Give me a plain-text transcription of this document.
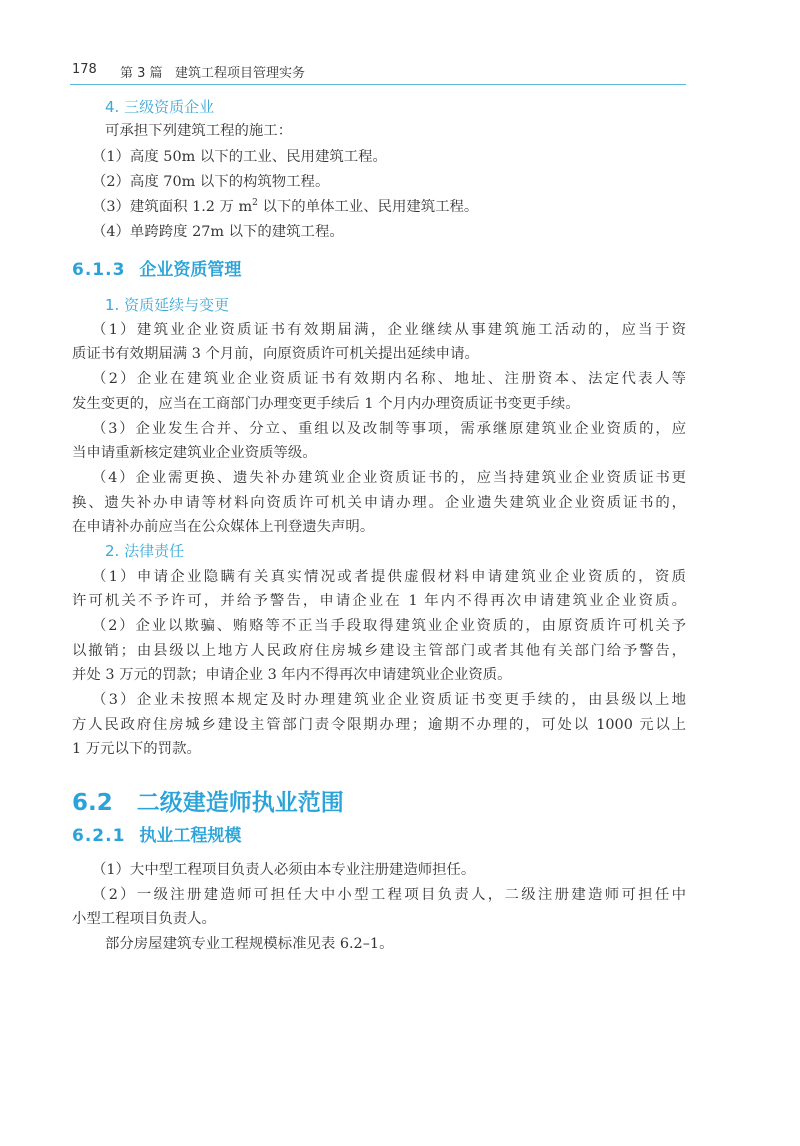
178 第 3 篇 建筑工程项目管理实务
4. 三级资质企业
可承担下列建筑工程的施工：
（1）高度 50m 以下的工业、民用建筑工程。
（2）高度 70m 以下的构筑物工程。
（3）建筑面积 1.2 万 $m^2$ 以下的单体工业、民用建筑工程。
（4）单跨跨度 27m 以下的建筑工程。
6.1.3 企业资质管理
1. 资质延续与变更
（1）建筑业企业资质证书有效期届满，企业继续从事建筑施工活动的，应当于资
质证书有效期届满 3 个月前，向原资质许可机关提出延续申请。
（2）企业在建筑业企业资质证书有效期内名称、地址、注册资本、法定代表人等
发生变更的，应当在工商部门办理变更手续后 1 个月内办理资质证书变更手续。
（3）企业发生合并、分立、重组以及改制等事项，需承继原建筑业企业资质的，应
当申请重新核定建筑业企业资质等级。
（4）企业需更换、遗失补办建筑业企业资质证书的，应当持建筑业企业资质证书更
换、遗失补办申请等材料向资质许可机关申请办理。企业遗失建筑业企业资质证书的，
在申请补办前应当在公众媒体上刊登遗失声明。
2. 法律责任
（1）申请企业隐瞒有关真实情况或者提供虚假材料申请建筑业企业资质的，资质
许可机关不予许可，并给予警告，申请企业在 1 年内不得再次申请建筑业企业资质。
（2）企业以欺骗、贿赂等不正当手段取得建筑业企业资质的，由原资质许可机关予
以撤销；由县级以上地方人民政府住房城乡建设主管部门或者其他有关部门给予警告，
并处 3 万元的罚款；申请企业 3 年内不得再次申请建筑业企业资质。
（3）企业未按照本规定及时办理建筑业企业资质证书变更手续的，由县级以上地
方人民政府住房城乡建设主管部门责令限期办理；逾期不办理的，可处以 1000 元以上
1 万元以下的罚款。
6.2 二级建造师执业范围
6.2.1 执业工程规模
（1）大中型工程项目负责人必须由本专业注册建造师担任。
（2）一级注册建造师可担任大中小型工程项目负责人，二级注册建造师可担任中
小型工程项目负责人。
部分房屋建筑专业工程规模标准见表 6.2–1。
